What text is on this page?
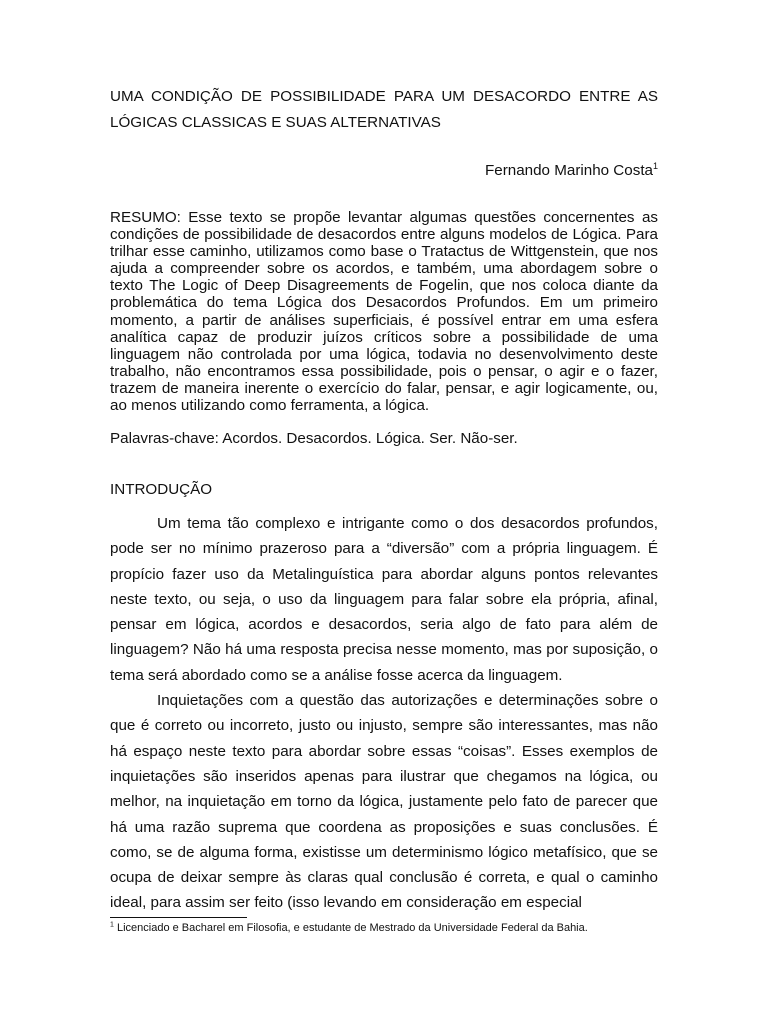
UMA CONDIÇÃO DE POSSIBILIDADE PARA UM DESACORDO ENTRE AS LÓGICAS CLASSICAS E SUAS ALTERNATIVAS
Fernando Marinho Costa$^1$

RESUMO: Esse texto se propõe levantar algumas questões concernentes as condições de possibilidade de desacordos entre alguns modelos de Lógica. Para trilhar esse caminho, utilizamos como base o Tratactus de Wittgenstein, que nos ajuda a compreender sobre os acordos, e também, uma abordagem sobre o texto The Logic of Deep Disagreements de Fogelin, que nos coloca diante da problemática do tema Lógica dos Desacordos Profundos. Em um primeiro momento, a partir de análises superficiais, é possível entrar em uma esfera analítica capaz de produzir juízos críticos sobre a possibilidade de uma linguagem não controlada por uma lógica, todavia no desenvolvimento deste trabalho, não encontramos essa possibilidade, pois o pensar, o agir e o fazer, trazem de maneira inerente o exercício do falar, pensar, e agir logicamente, ou, ao menos utilizando como ferramenta, a lógica.

Palavras-chave: Acordos. Desacordos. Lógica. Ser. Não-ser.

INTRODUÇÃO

Um tema tão complexo e intrigante como o dos desacordos profundos, pode ser no mínimo prazeroso para a “diversão” com a própria linguagem. É propício fazer uso da Metalinguística para abordar alguns pontos relevantes neste texto, ou seja, o uso da linguagem para falar sobre ela própria, afinal, pensar em lógica, acordos e desacordos, seria algo de fato para além de linguagem? Não há uma resposta precisa nesse momento, mas por suposição, o tema será abordado como se a análise fosse acerca da linguagem.

Inquietações com a questão das autorizações e determinações sobre o que é correto ou incorreto, justo ou injusto, sempre são interessantes, mas não há espaço neste texto para abordar sobre essas “coisas”. Esses exemplos de inquietações são inseridos apenas para ilustrar que chegamos na lógica, ou melhor, na inquietação em torno da lógica, justamente pelo fato de parecer que há uma razão suprema que coordena as proposições e suas conclusões. É como, se de alguma forma, existisse um determinismo lógico metafísico, que se ocupa de deixar sempre às claras qual conclusão é correta, e qual o caminho ideal, para assim ser feito (isso levando em consideração em especial

$^1$ Licenciado e Bacharel em Filosofia, e estudante de Mestrado da Universidade Federal da Bahia.
